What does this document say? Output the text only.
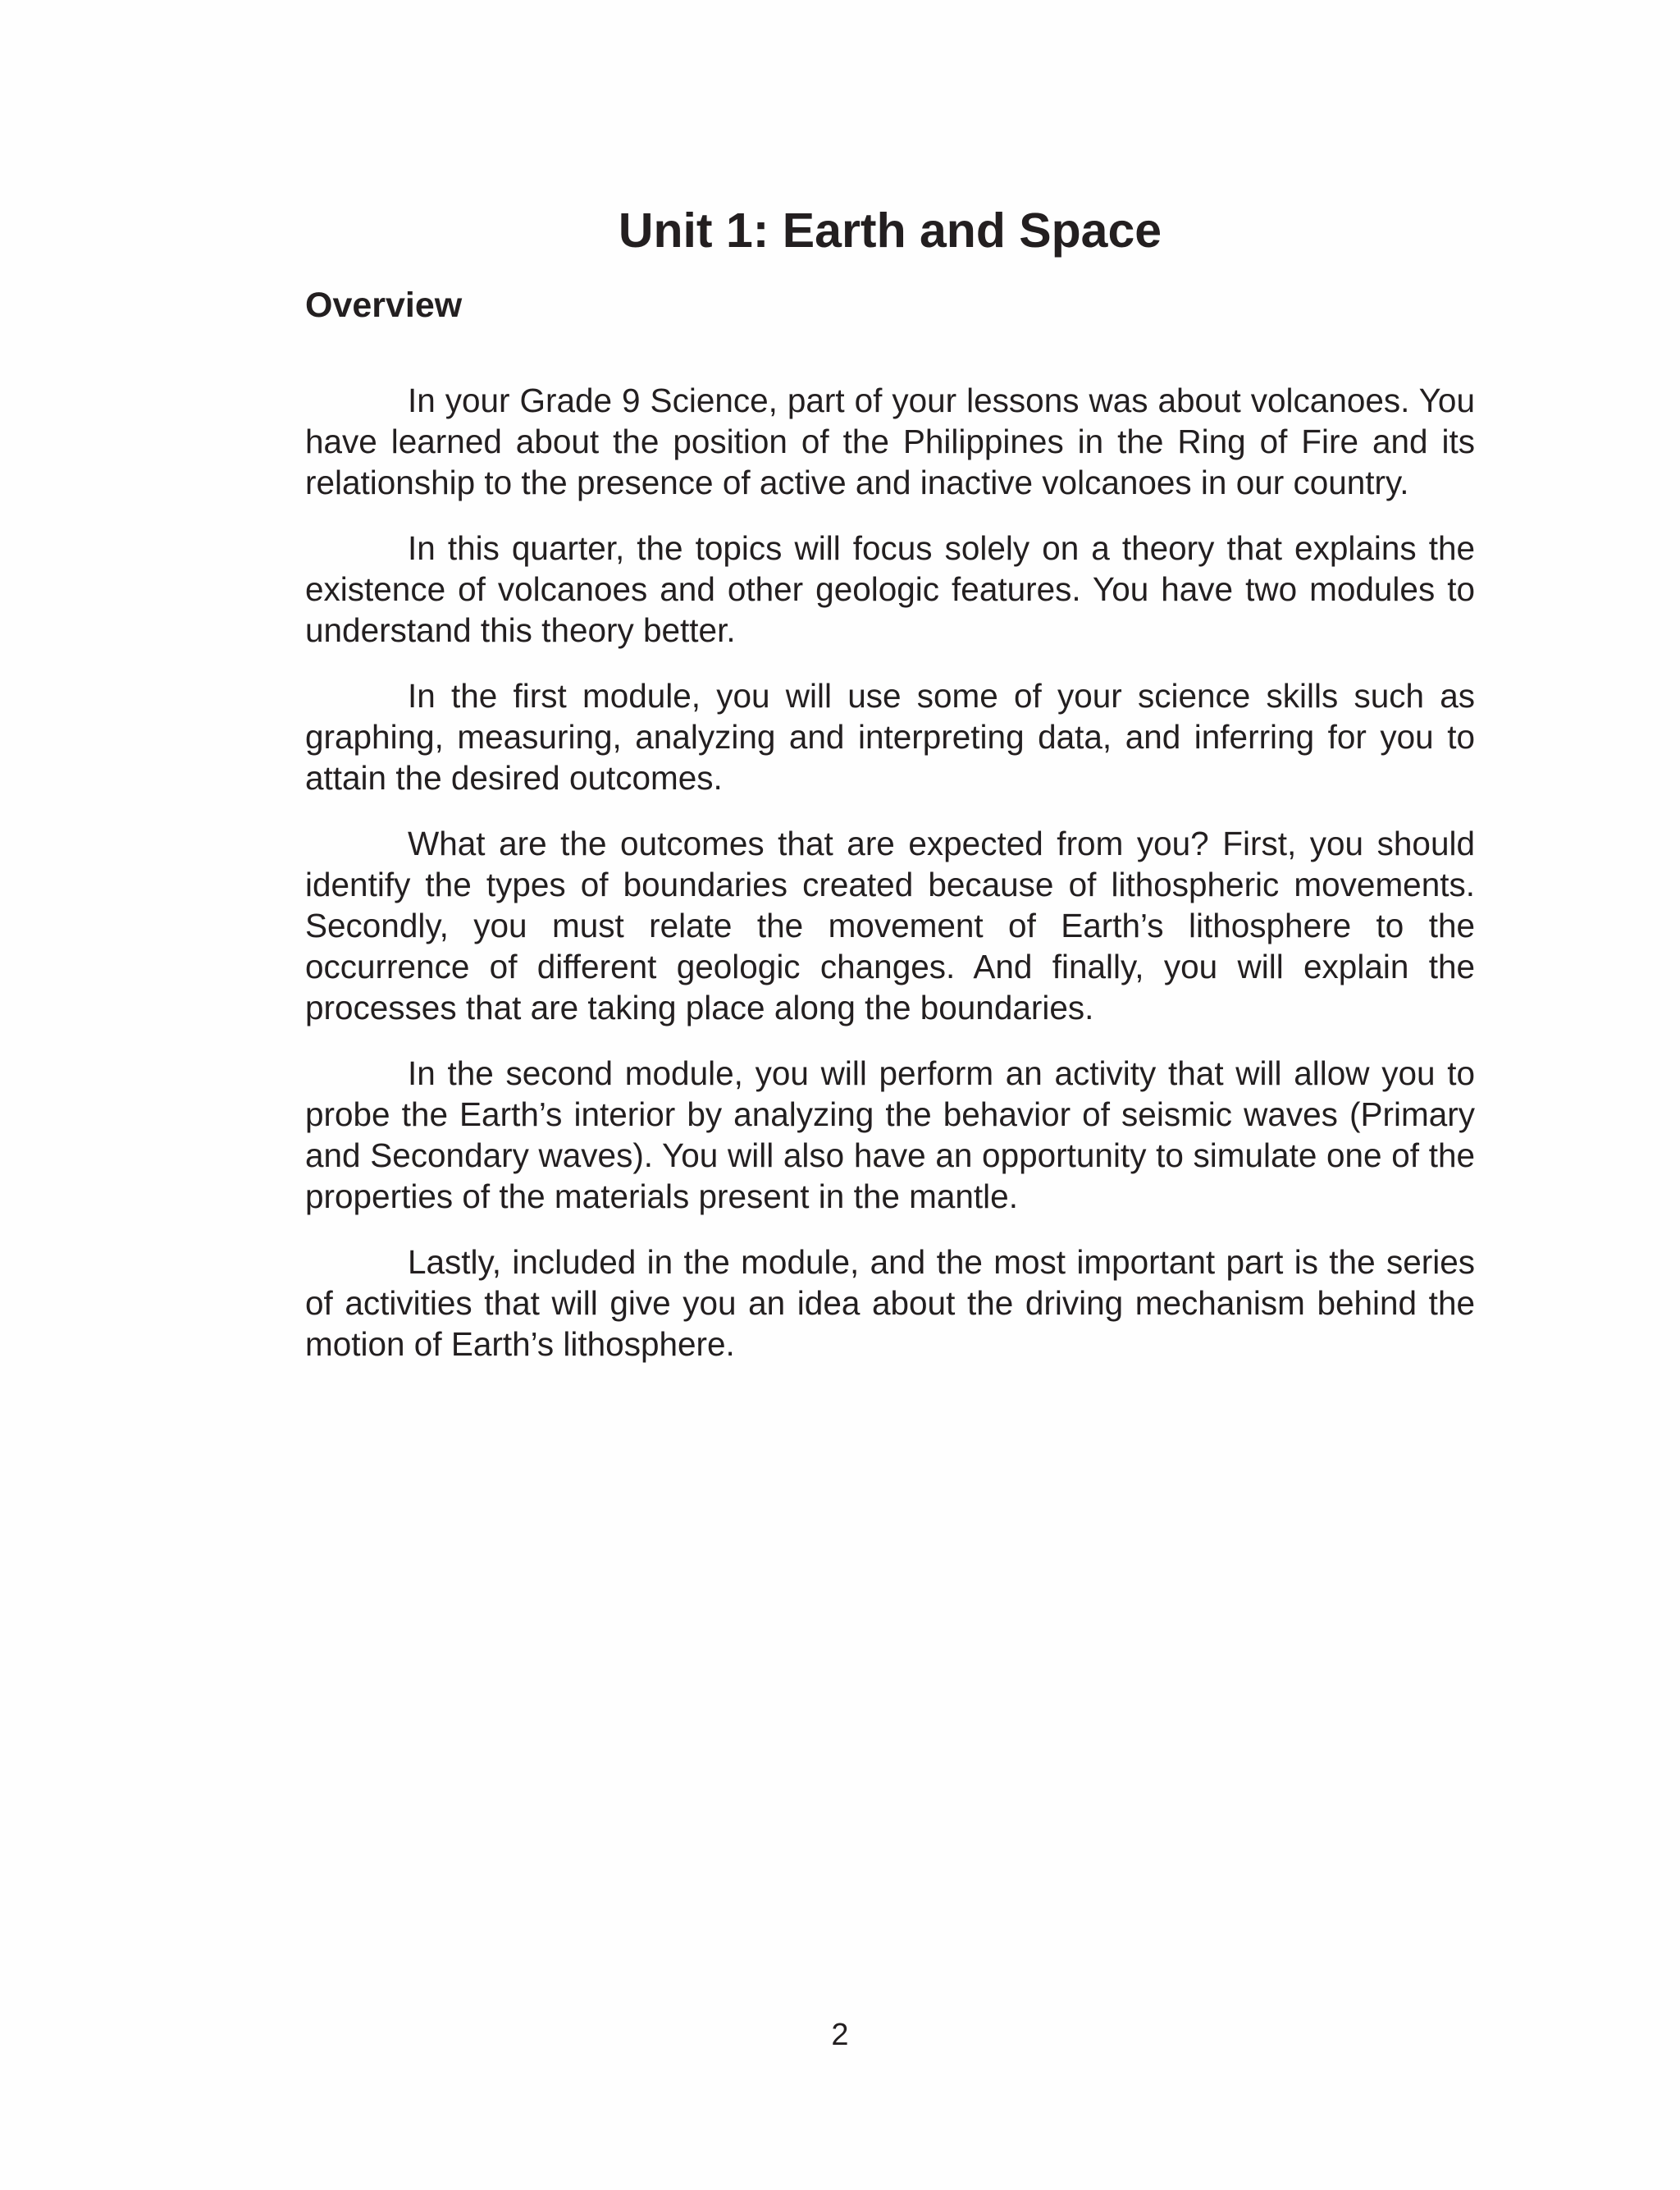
Unit 1: Earth and Space
Overview

In your Grade 9 Science, part of your lessons was about volcanoes. You have learned about the position of the Philippines in the Ring of Fire and its relationship to the presence of active and inactive volcanoes in our country.

In this quarter, the topics will focus solely on a theory that explains the existence of volcanoes and other geologic features. You have two modules to understand this theory better.

In the first module, you will use some of your science skills such as graphing, measuring, analyzing and interpreting data, and inferring for you to attain the desired outcomes.

What are the outcomes that are expected from you? First, you should identify the types of boundaries created because of lithospheric movements. Secondly, you must relate the movement of Earth’s lithosphere to the occurrence of different geologic changes. And finally, you will explain the processes that are taking place along the boundaries.

In the second module, you will perform an activity that will allow you to probe the Earth’s interior by analyzing the behavior of seismic waves (Primary and Secondary waves). You will also have an opportunity to simulate one of the properties of the materials present in the mantle.

Lastly, included in the module, and the most important part is the series of activities that will give you an idea about the driving mechanism behind the motion of Earth’s lithosphere.

2
